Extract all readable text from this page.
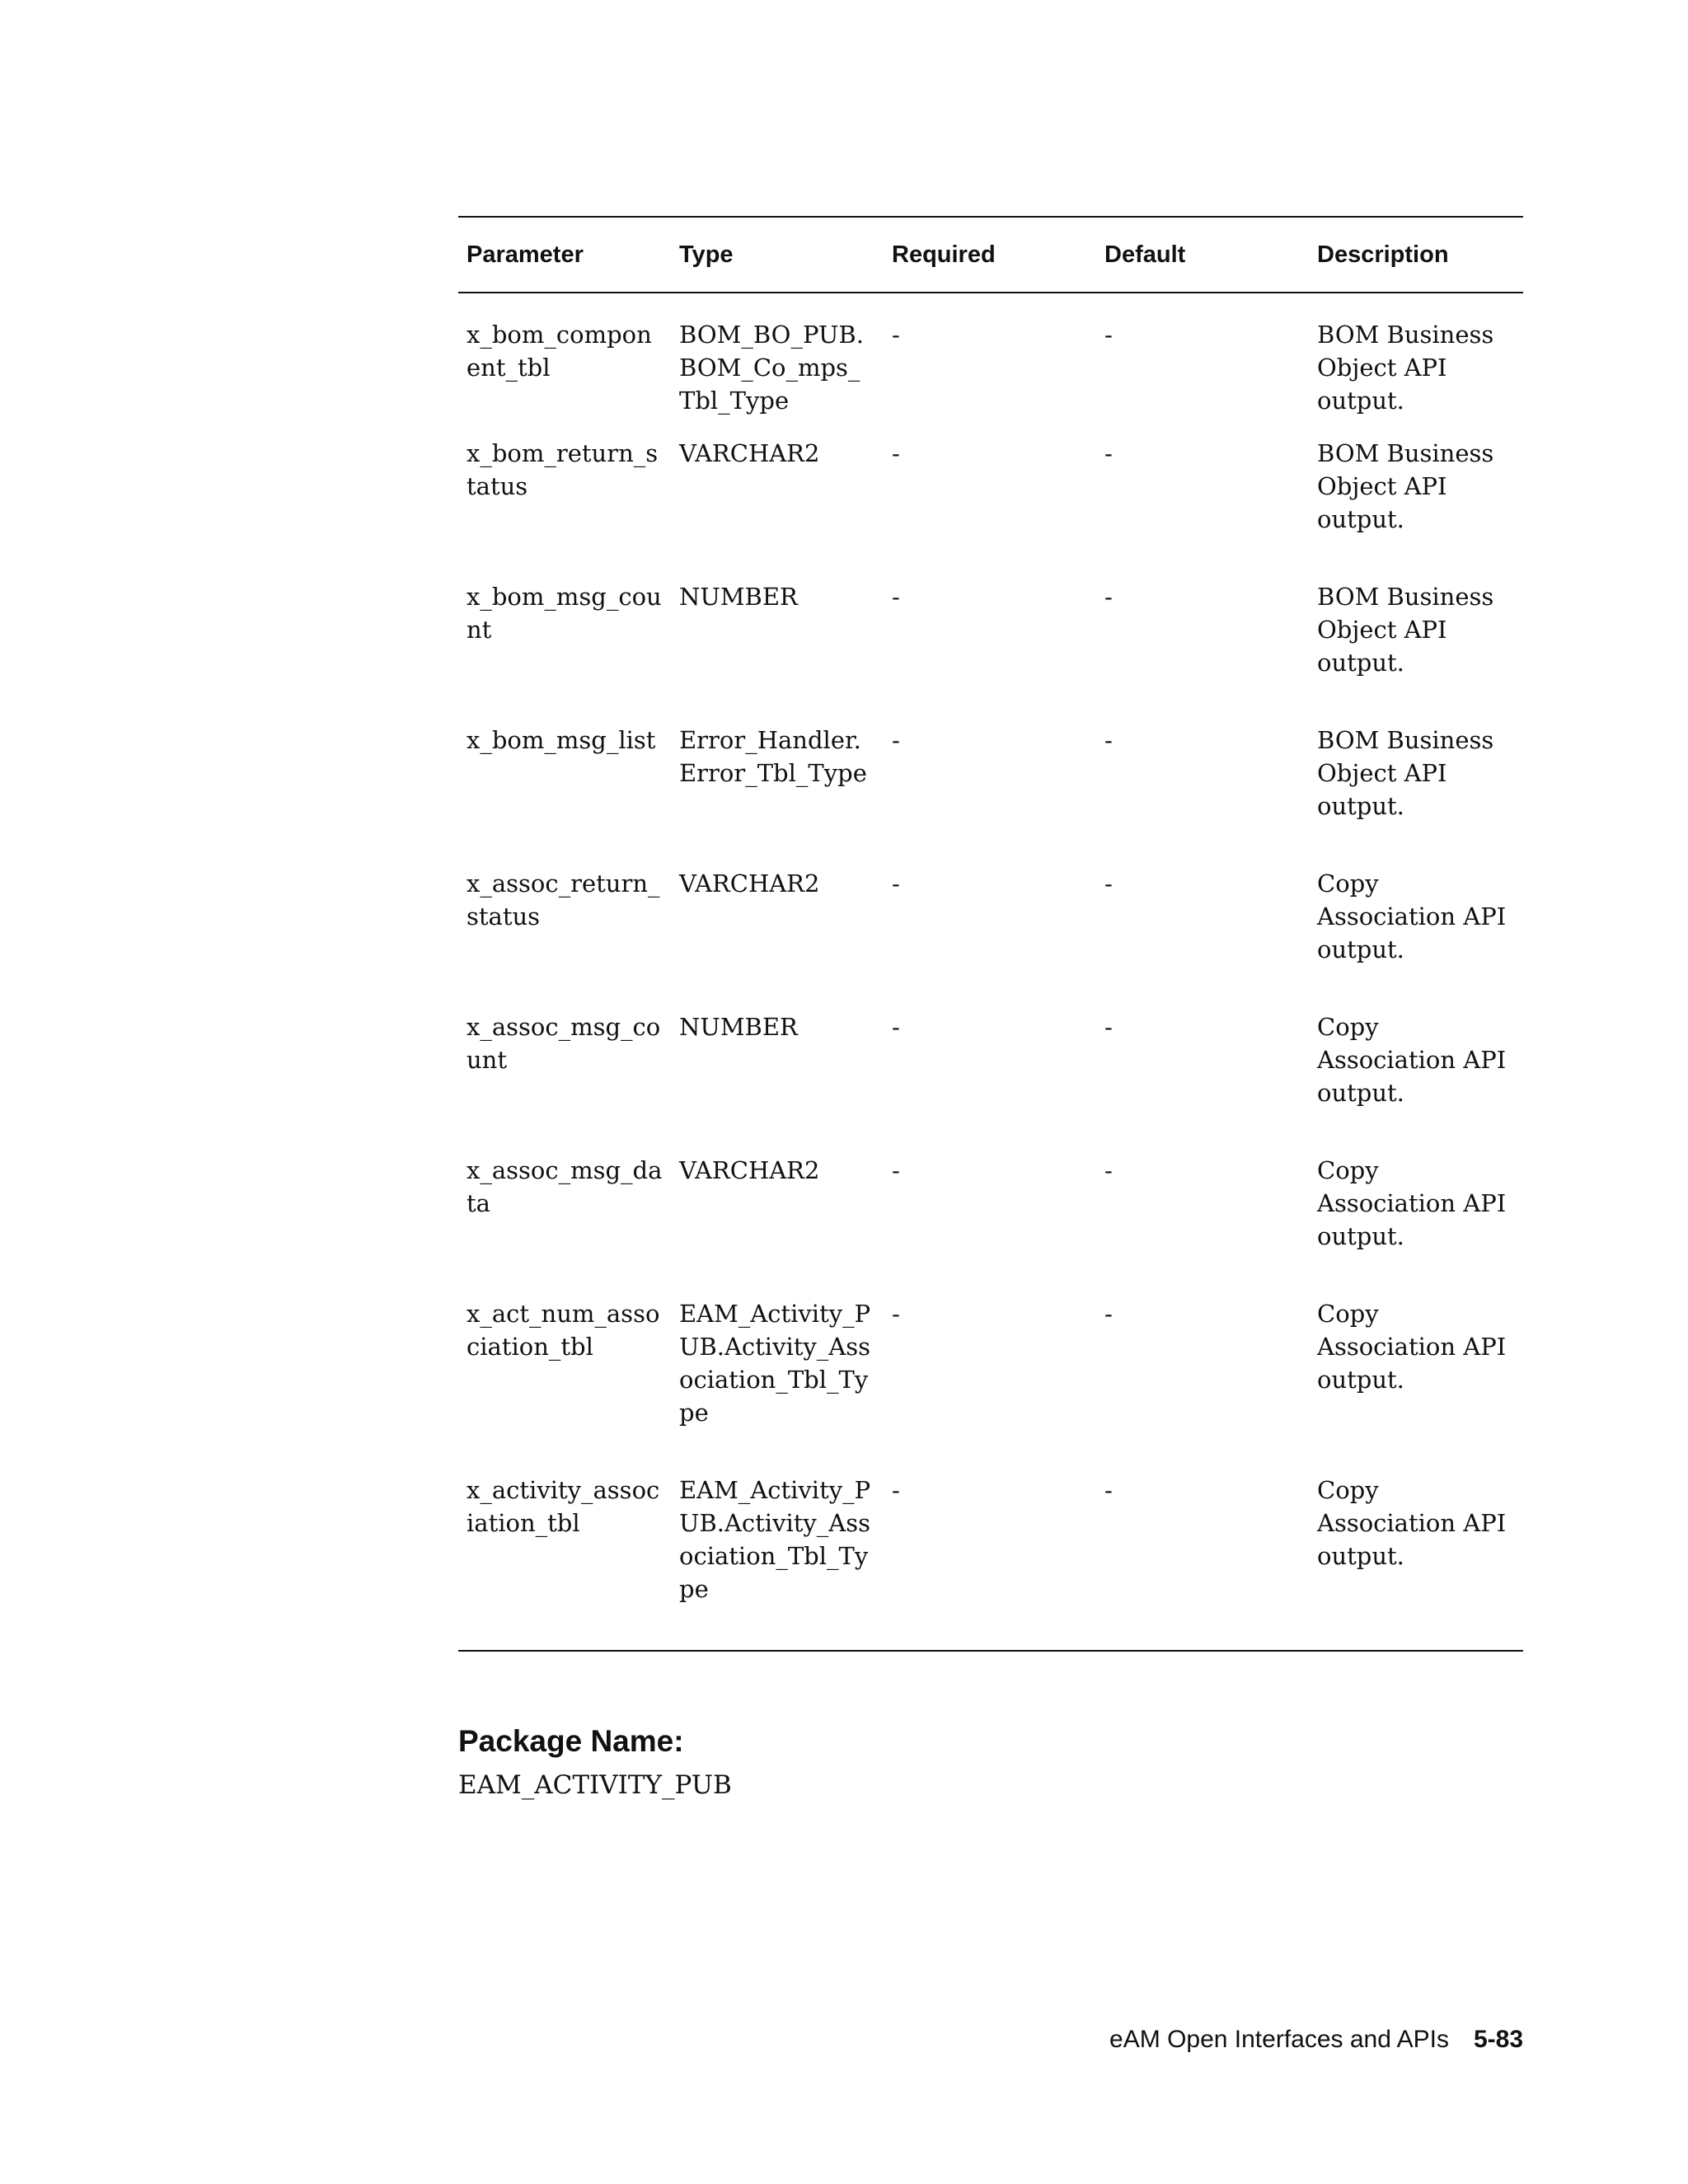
Parameter	Type	Required	Default	Description
x_bom_component_tbl	BOM_BO_PUB.BOM_Co_mps_Tbl_Type	-	-	BOM Business Object API output.
x_bom_return_status	VARCHAR2	-	-	BOM Business Object API output.
x_bom_msg_count	NUMBER	-	-	BOM Business Object API output.
x_bom_msg_list	Error_Handler.Error_Tbl_Type	-	-	BOM Business Object API output.
x_assoc_return_status	VARCHAR2	-	-	Copy Association API output.
x_assoc_msg_count	NUMBER	-	-	Copy Association API output.
x_assoc_msg_data	VARCHAR2	-	-	Copy Association API output.
x_act_num_association_tbl	EAM_Activity_PUB.Activity_Association_Tbl_Type	-	-	Copy Association API output.
x_activity_association_tbl	EAM_Activity_PUB.Activity_Association_Tbl_Type	-	-	Copy Association API output.
Package Name:
EAM_ACTIVITY_PUB
eAM Open Interfaces and APIs 5-83
